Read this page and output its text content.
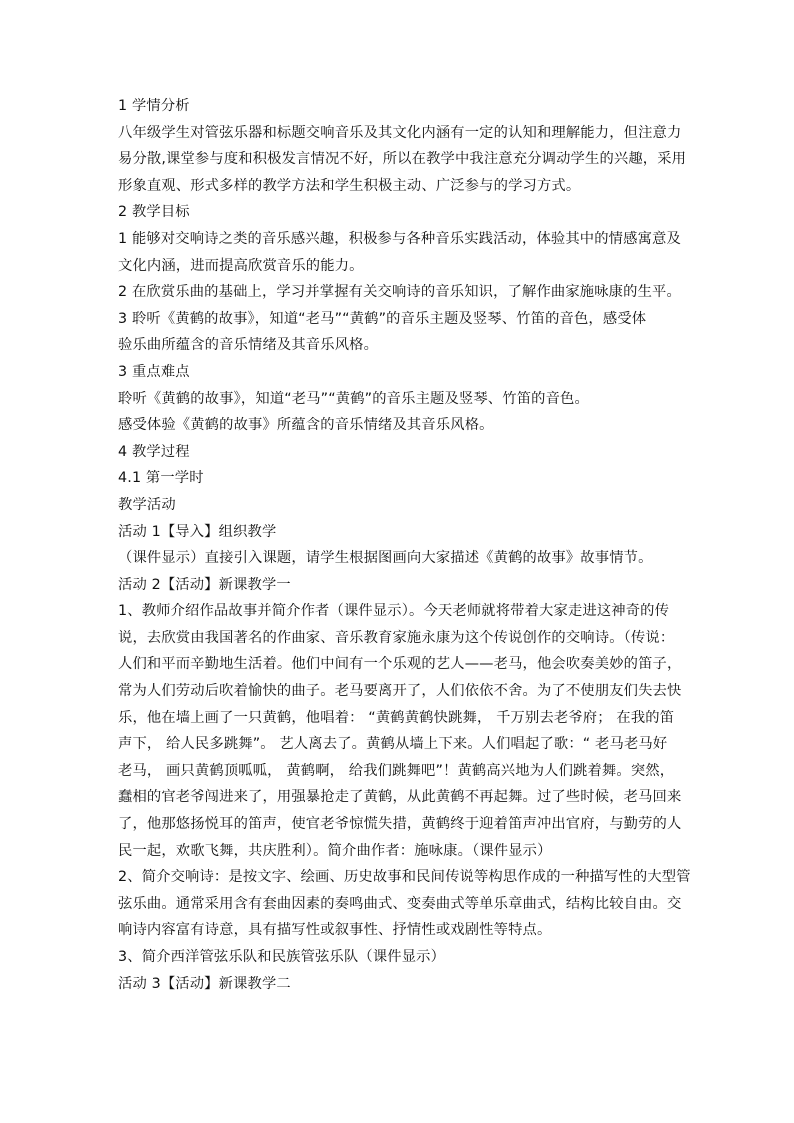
1 学情分析
八年级学生对管弦乐器和标题交响音乐及其文化内涵有一定的认知和理解能力，但注意力
易分散,课堂参与度和积极发言情况不好，所以在教学中我注意充分调动学生的兴趣，采用
形象直观、形式多样的教学方法和学生积极主动、广泛参与的学习方式。
2 教学目标
1 能够对交响诗之类的音乐感兴趣，积极参与各种音乐实践活动，体验其中的情感寓意及
文化内涵，进而提高欣赏音乐的能力。
2 在欣赏乐曲的基础上，学习并掌握有关交响诗的音乐知识，了解作曲家施咏康的生平。
3 聆听《黄鹤的故事》，知道“老马”“黄鹤”的音乐主题及竖琴、竹笛的音色，感受体
验乐曲所蕴含的音乐情绪及其音乐风格。
3 重点难点
聆听《黄鹤的故事》，知道“老马”“黄鹤”的音乐主题及竖琴、竹笛的音色。
感受体验《黄鹤的故事》所蕴含的音乐情绪及其音乐风格。
4 教学过程
4.1 第一学时
教学活动
活动 1【导入】组织教学
（课件显示）直接引入课题，请学生根据图画向大家描述《黄鹤的故事》故事情节。
活动 2【活动】新课教学一
1、教师介绍作品故事并简介作者（课件显示）。今天老师就将带着大家走进这神奇的传
说，去欣赏由我国著名的作曲家、音乐教育家施永康为这个传说创作的交响诗。（传说：
人们和平而辛勤地生活着。他们中间有一个乐观的艺人——老马，他会吹奏美妙的笛子，
常为人们劳动后吹着愉快的曲子。老马要离开了，人们依依不舍。为了不使朋友们失去快
乐，他在墙上画了一只黄鹤，他唱着： “黄鹤黄鹤快跳舞， 千万别去老爷府； 在我的笛
声下， 给人民多跳舞”。 艺人离去了。黄鹤从墙上下来。人们唱起了歌：“ 老马老马好
老马， 画只黄鹤顶呱呱， 黄鹤啊， 给我们跳舞吧”！黄鹤高兴地为人们跳着舞。突然，
蠢相的官老爷闯进来了，用强暴抢走了黄鹤，从此黄鹤不再起舞。过了些时候，老马回来
了，他那悠扬悦耳的笛声，使官老爷惊慌失措，黄鹤终于迎着笛声冲出官府，与勤劳的人
民一起，欢歌飞舞，共庆胜利）。简介曲作者：施咏康。（课件显示）
2、简介交响诗：是按文字、绘画、历史故事和民间传说等构思作成的一种描写性的大型管
弦乐曲。通常采用含有套曲因素的奏鸣曲式、变奏曲式等单乐章曲式，结构比较自由。交
响诗内容富有诗意，具有描写性或叙事性、抒情性或戏剧性等特点。
3、简介西洋管弦乐队和民族管弦乐队（课件显示）
活动 3【活动】新课教学二
